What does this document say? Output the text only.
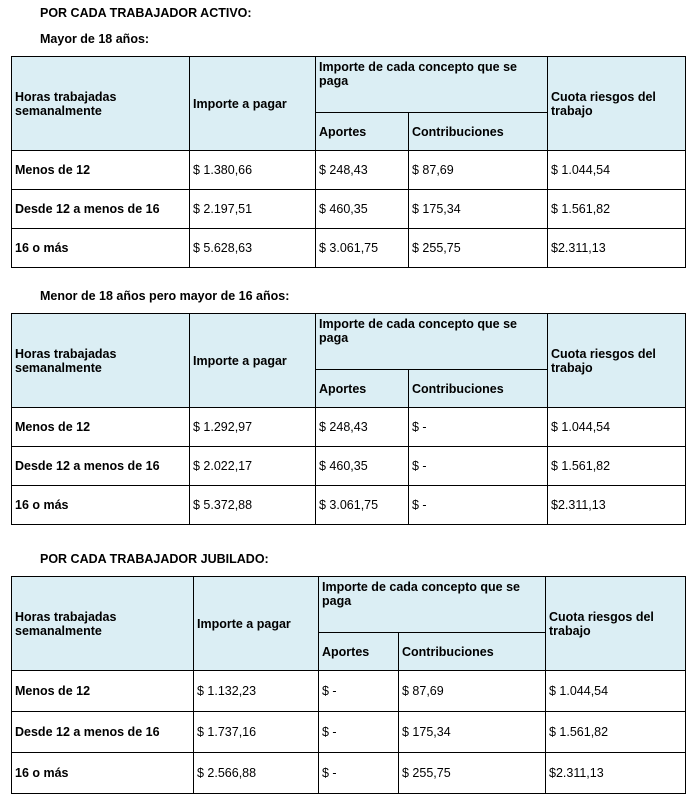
POR CADA TRABAJADOR ACTIVO:
Mayor de 18 años:
Horas trabajadas semanalmente	Importe a pagar	Importe de cada concepto que se paga		Cuota riesgos del trabajo
		Aportes	Contribuciones	
Menos de 12	$ 1.380,66	$ 248,43	$ 87,69	$ 1.044,54
Desde 12 a menos de 16	$ 2.197,51	$ 460,35	$ 175,34	$ 1.561,82
16 o más	$ 5.628,63	$ 3.061,75	$ 255,75	$2.311,13
Menor de 18 años pero mayor de 16 años:
Horas trabajadas semanalmente	Importe a pagar	Importe de cada concepto que se paga		Cuota riesgos del trabajo
		Aportes	Contribuciones	
Menos de 12	$ 1.292,97	$ 248,43	$ -	$ 1.044,54
Desde 12 a menos de 16	$ 2.022,17	$ 460,35	$ -	$ 1.561,82
16 o más	$ 5.372,88	$ 3.061,75	$ -	$2.311,13
POR CADA TRABAJADOR JUBILADO:
Horas trabajadas semanalmente	Importe a pagar	Importe de cada concepto que se paga		Cuota riesgos del trabajo
		Aportes	Contribuciones	
Menos de 12	$ 1.132,23	$ -	$ 87,69	$ 1.044,54
Desde 12 a menos de 16	$ 1.737,16	$ -	$ 175,34	$ 1.561,82
16 o más	$ 2.566,88	$ -	$ 255,75	$2.311,13
